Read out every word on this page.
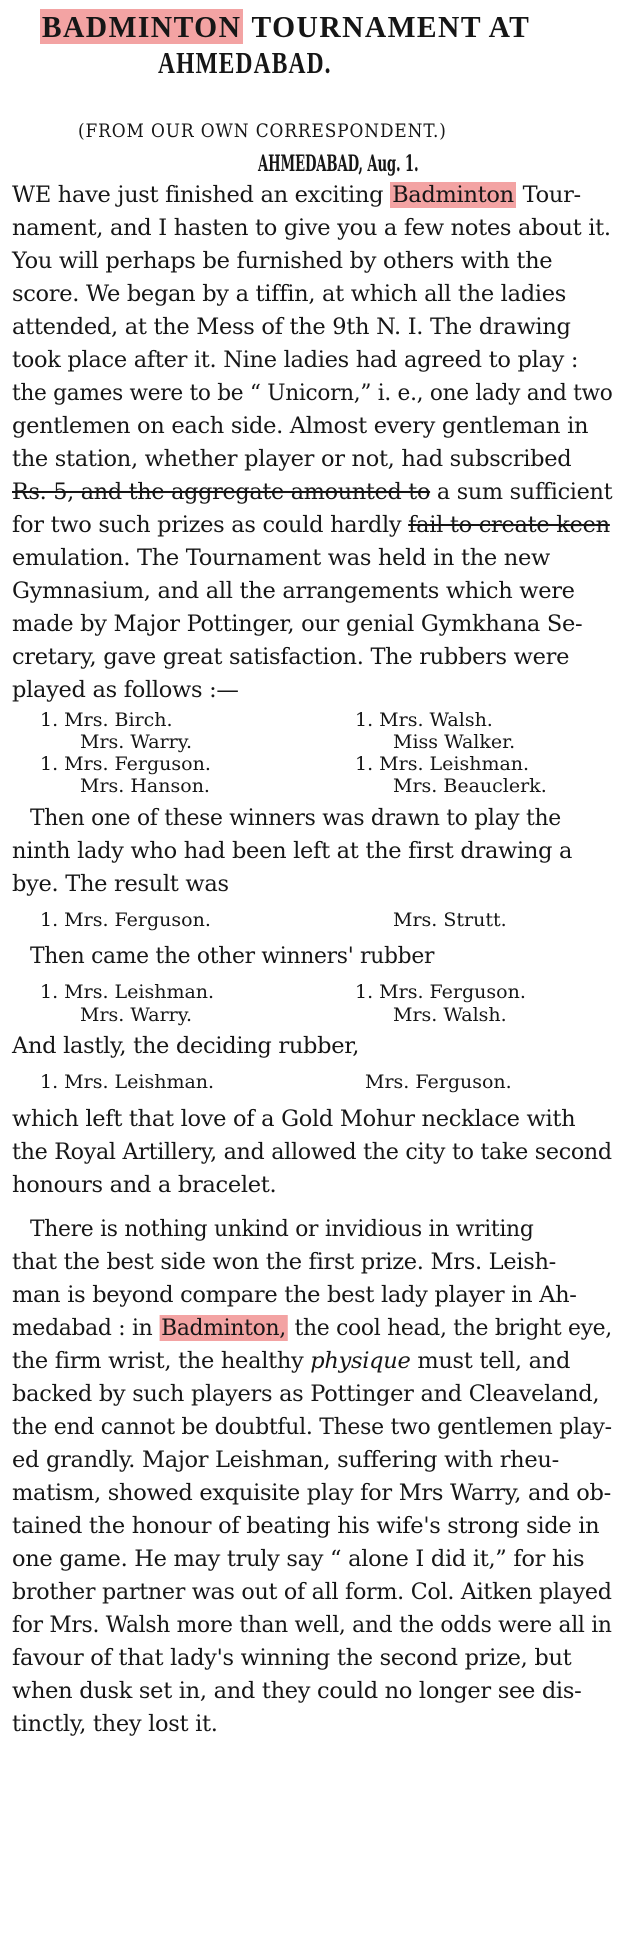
BADMINTON TOURNAMENT AT
AHMEDABAD.
(FROM OUR OWN CORRESPONDENT.)
AHMEDABAD, Aug. 1.
WE have just finished an exciting Badminton Tour-
nament, and I hasten to give you a few notes about it.
You will perhaps be furnished by others with the
score. We began by a tiffin, at which all the ladies
attended, at the Mess of the 9th N. I. The drawing
took place after it. Nine ladies had agreed to play :
the games were to be “ Unicorn,” i. e., one lady and two
gentlemen on each side. Almost every gentleman in
the station, whether player or not, had subscribed
Rs. 5, and the aggregate amounted to a sum sufficient
for two such prizes as could hardly fail to create keen
emulation. The Tournament was held in the new
Gymnasium, and all the arrangements which were
made by Major Pottinger, our genial Gymkhana Se-
cretary, gave great satisfaction. The rubbers were
played as follows :—
1. Mrs. Birch.	1. Mrs. Walsh.
Mrs. Warry.	Miss Walker.
1. Mrs. Ferguson.	1. Mrs. Leishman.
Mrs. Hanson.	Mrs. Beauclerk.
Then one of these winners was drawn to play the
ninth lady who had been left at the first drawing a
bye. The result was
1. Mrs. Ferguson.	Mrs. Strutt.
Then came the other winners' rubber
1. Mrs. Leishman.	1. Mrs. Ferguson.
Mrs. Warry.	Mrs. Walsh.
And lastly, the deciding rubber,
1. Mrs. Leishman.	Mrs. Ferguson.
which left that love of a Gold Mohur necklace with
the Royal Artillery, and allowed the city to take second
honours and a bracelet.
There is nothing unkind or invidious in writing
that the best side won the first prize. Mrs. Leish-
man is beyond compare the best lady player in Ah-
medabad : in Badminton, the cool head, the bright eye,
the firm wrist, the healthy physique must tell, and
backed by such players as Pottinger and Cleaveland,
the end cannot be doubtful. These two gentlemen play-
ed grandly. Major Leishman, suffering with rheu-
matism, showed exquisite play for Mrs Warry, and ob-
tained the honour of beating his wife's strong side in
one game. He may truly say “ alone I did it,” for his
brother partner was out of all form. Col. Aitken played
for Mrs. Walsh more than well, and the odds were all in
favour of that lady's winning the second prize, but
when dusk set in, and they could no longer see dis-
tinctly, they lost it.
